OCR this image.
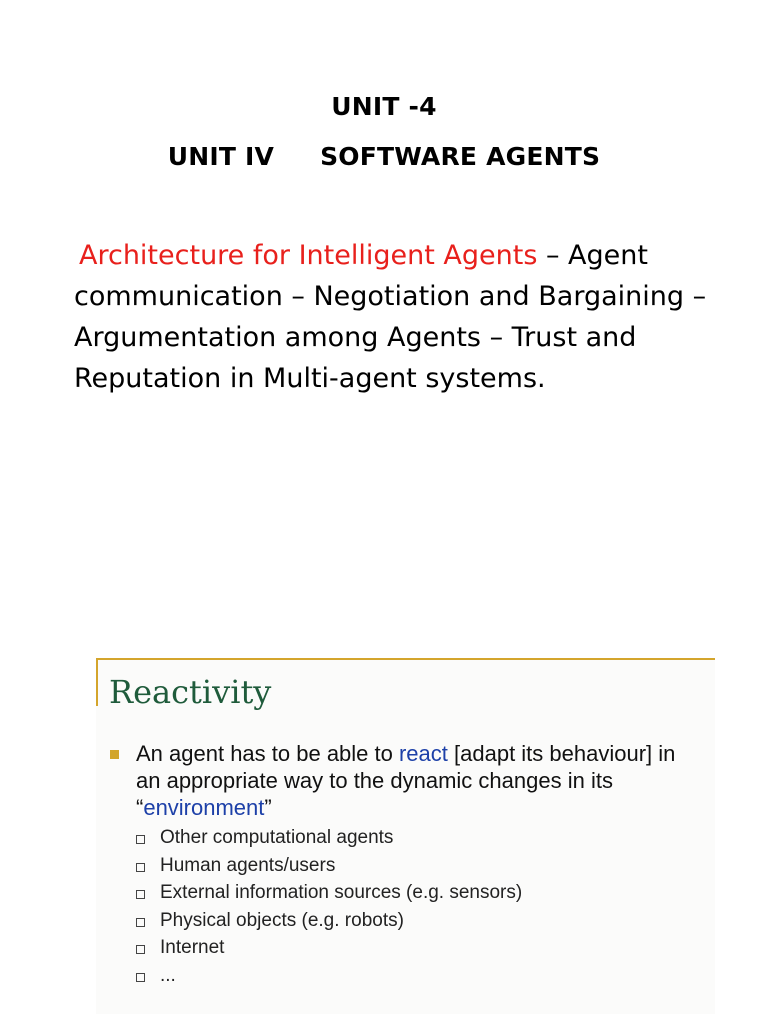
UNIT -4
UNIT IV SOFTWARE AGENTS

Architecture for Intelligent Agents – Agent communication – Negotiation and Bargaining – Argumentation among Agents – Trust and Reputation in Multi-agent systems.

Reactivity
An agent has to be able to react [adapt its behaviour] in an appropriate way to the dynamic changes in its “environment”
Other computational agents
Human agents/users
External information sources (e.g. sensors)
Physical objects (e.g. robots)
Internet
...
